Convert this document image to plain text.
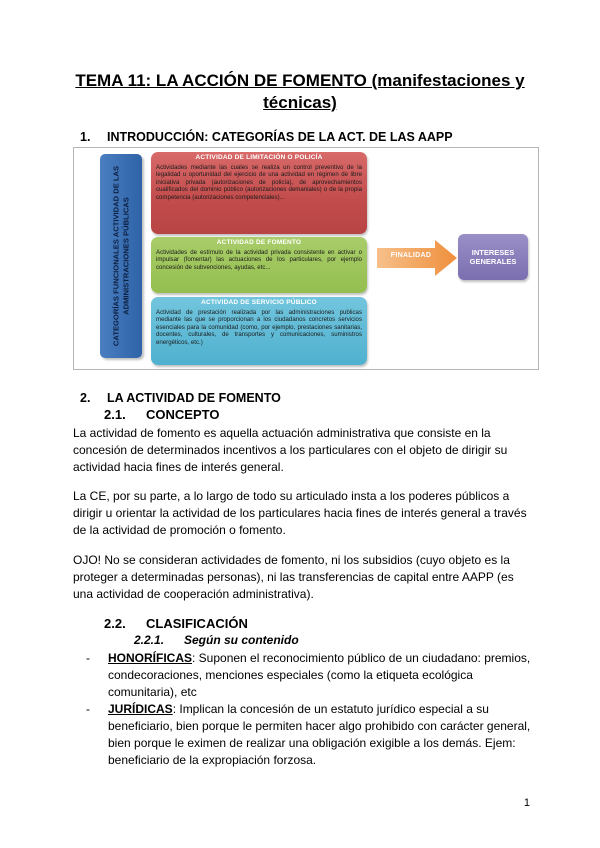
TEMA 11: LA ACCIÓN DE FOMENTO (manifestaciones y técnicas)
1. INTRODUCCIÓN: CATEGORÍAS DE LA ACT. DE LAS AAPP
CATEGORÍAS FUNCIONALES ACTIVIDAD DE LAS ADMINISTRACIONES PÚBLICAS
ACTIVIDAD DE LIMITACIÓN O POLICÍA
Actividades mediante las cuales se realiza un control preventivo de la legalidad u oportunidad del ejercicio de una actividad en régimen de libre iniciativa privada (autorizaciones de policía), de aprovechamientos cualificados del dominio público (autorizaciones demaniales) o de la propia competencia (autorizaciones competenciales)...
ACTIVIDAD DE FOMENTO
Actividades de estímulo de la actividad privada consistente en activar o impulsar (fomentar) las actuaciones de los particulares, por ejemplo concesión de subvenciones, ayudas, etc...
ACTIVIDAD DE SERVICIO PÚBLICO
Actividad de prestación realizada por las administraciones publicas mediante las que se proporcionan a los ciudadanos concretos servicios esenciales para la comunidad (como, por ejemplo, prestaciones sanitarias, docentes, culturales, de transportes y comunicaciones, suministros energéticos, etc.)
FINALIDAD	INTERESES GENERALES
2. LA ACTIVIDAD DE FOMENTO
2.1. CONCEPTO
La actividad de fomento es aquella actuación administrativa que consiste en la concesión de determinados incentivos a los particulares con el objeto de dirigir su actividad hacia fines de interés general.
La CE, por su parte, a lo largo de todo su articulado insta a los poderes públicos a dirigir u orientar la actividad de los particulares hacia fines de interés general a través de la actividad de promoción o fomento.
OJO! No se consideran actividades de fomento, ni los subsidios (cuyo objeto es la proteger a determinadas personas), ni las transferencias de capital entre AAPP (es una actividad de cooperación administrativa).
2.2. CLASIFICACIÓN
2.2.1. Según su contenido
- HONORÍFICAS: Suponen el reconocimiento público de un ciudadano: premios, condecoraciones, menciones especiales (como la etiqueta ecológica comunitaria), etc
- JURÍDICAS: Implican la concesión de un estatuto jurídico especial a su beneficiario, bien porque le permiten hacer algo prohibido con carácter general, bien porque le eximen de realizar una obligación exigible a los demás. Ejem: beneficiario de la expropiación forzosa.
1
